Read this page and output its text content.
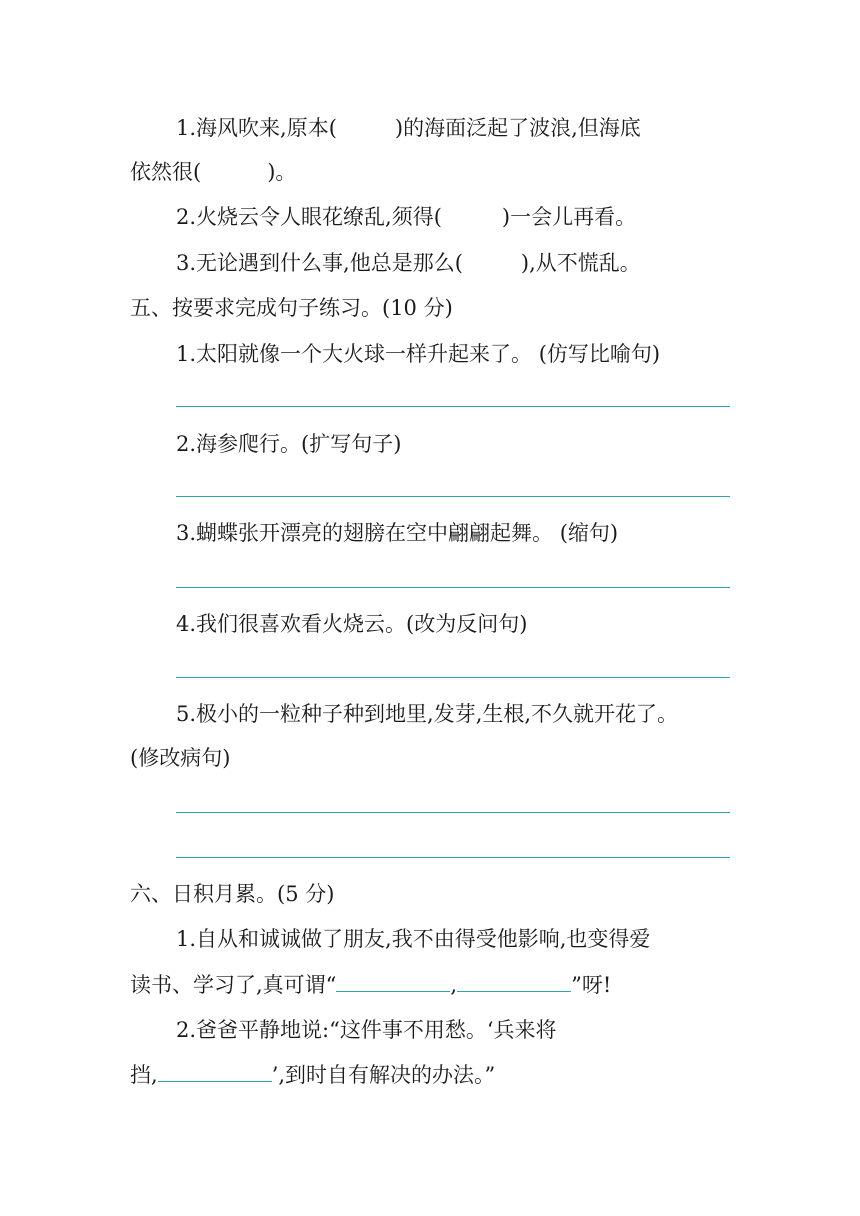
1.海风吹来,原本(	)的海面泛起了波浪,但海底
依然很(	)。
2.火烧云令人眼花缭乱,须得(	)一会儿再看。
3.无论遇到什么事,他总是那么(	),从不慌乱。
五、按要求完成句子练习。(10 分)
1.太阳就像一个大火球一样升起来了。 (仿写比喻句)
2.海参爬行。(扩写句子)
3.蝴蝶张开漂亮的翅膀在空中翩翩起舞。 (缩句)
4.我们很喜欢看火烧云。(改为反问句)
5.极小的一粒种子种到地里,发芽,生根,不久就开花了。
(修改病句)
六、日积月累。(5 分)
1.自从和诚诚做了朋友,我不由得受他影响,也变得爱
读书、学习了,真可谓“	,	”呀!
2.爸爸平静地说:“这件事不用愁。‘兵来将
挡,	’,到时自有解决的办法。”
